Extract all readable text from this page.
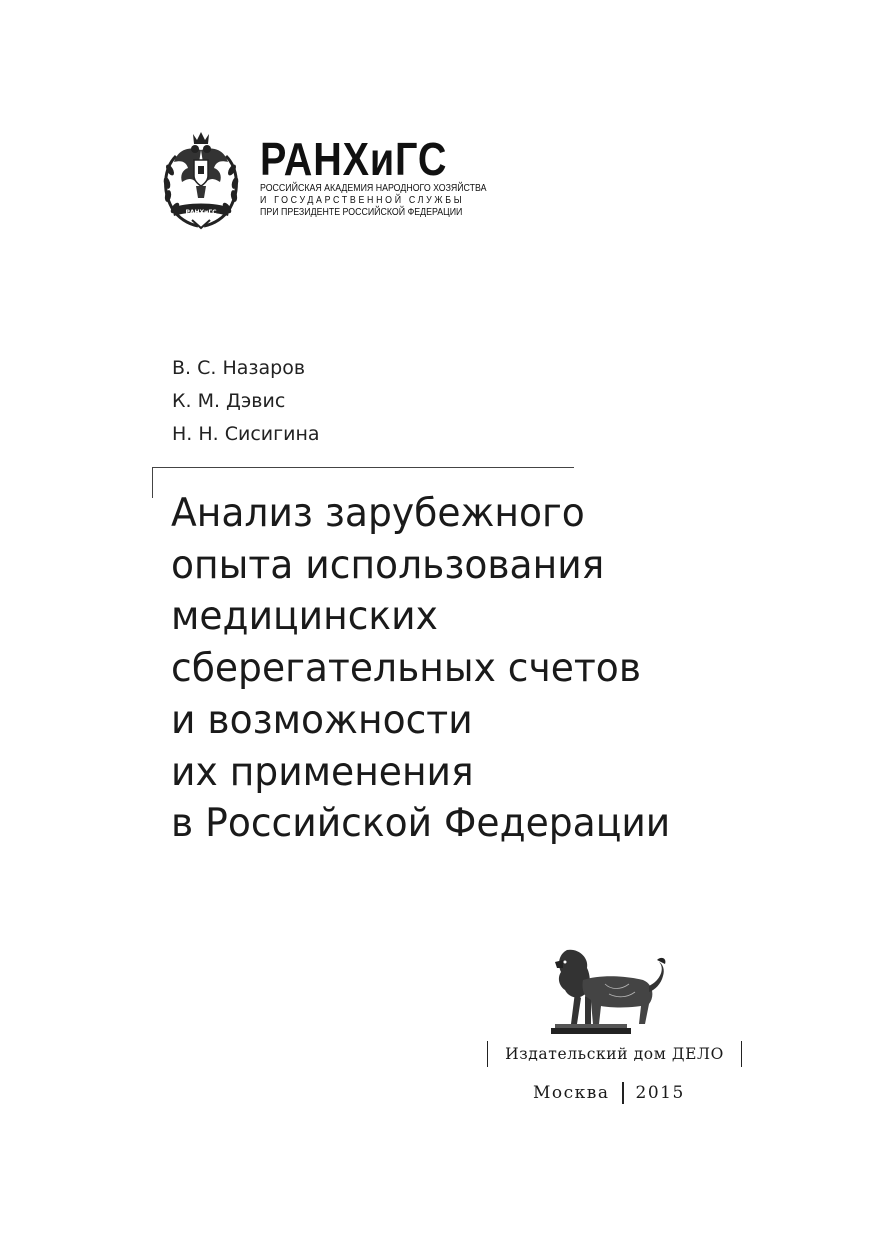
РАНХиГС
РАНХиГС
РОССИЙСКАЯ АКАДЕМИЯ НАРОДНОГО ХОЗЯЙСТВА
И ГОСУДАРСТВЕННОЙ СЛУЖБЫ
ПРИ ПРЕЗИДЕНТЕ РОССИЙСКОЙ ФЕДЕРАЦИИ
В. С. Назаров
К. М. Дэвис
Н. Н. Сисигина
Анализ зарубежного
опыта использования
медицинских
сберегательных счетов
и возможности
их применения
в Российской Федерации
Издательский дом ДЕЛО
Москва 2015
